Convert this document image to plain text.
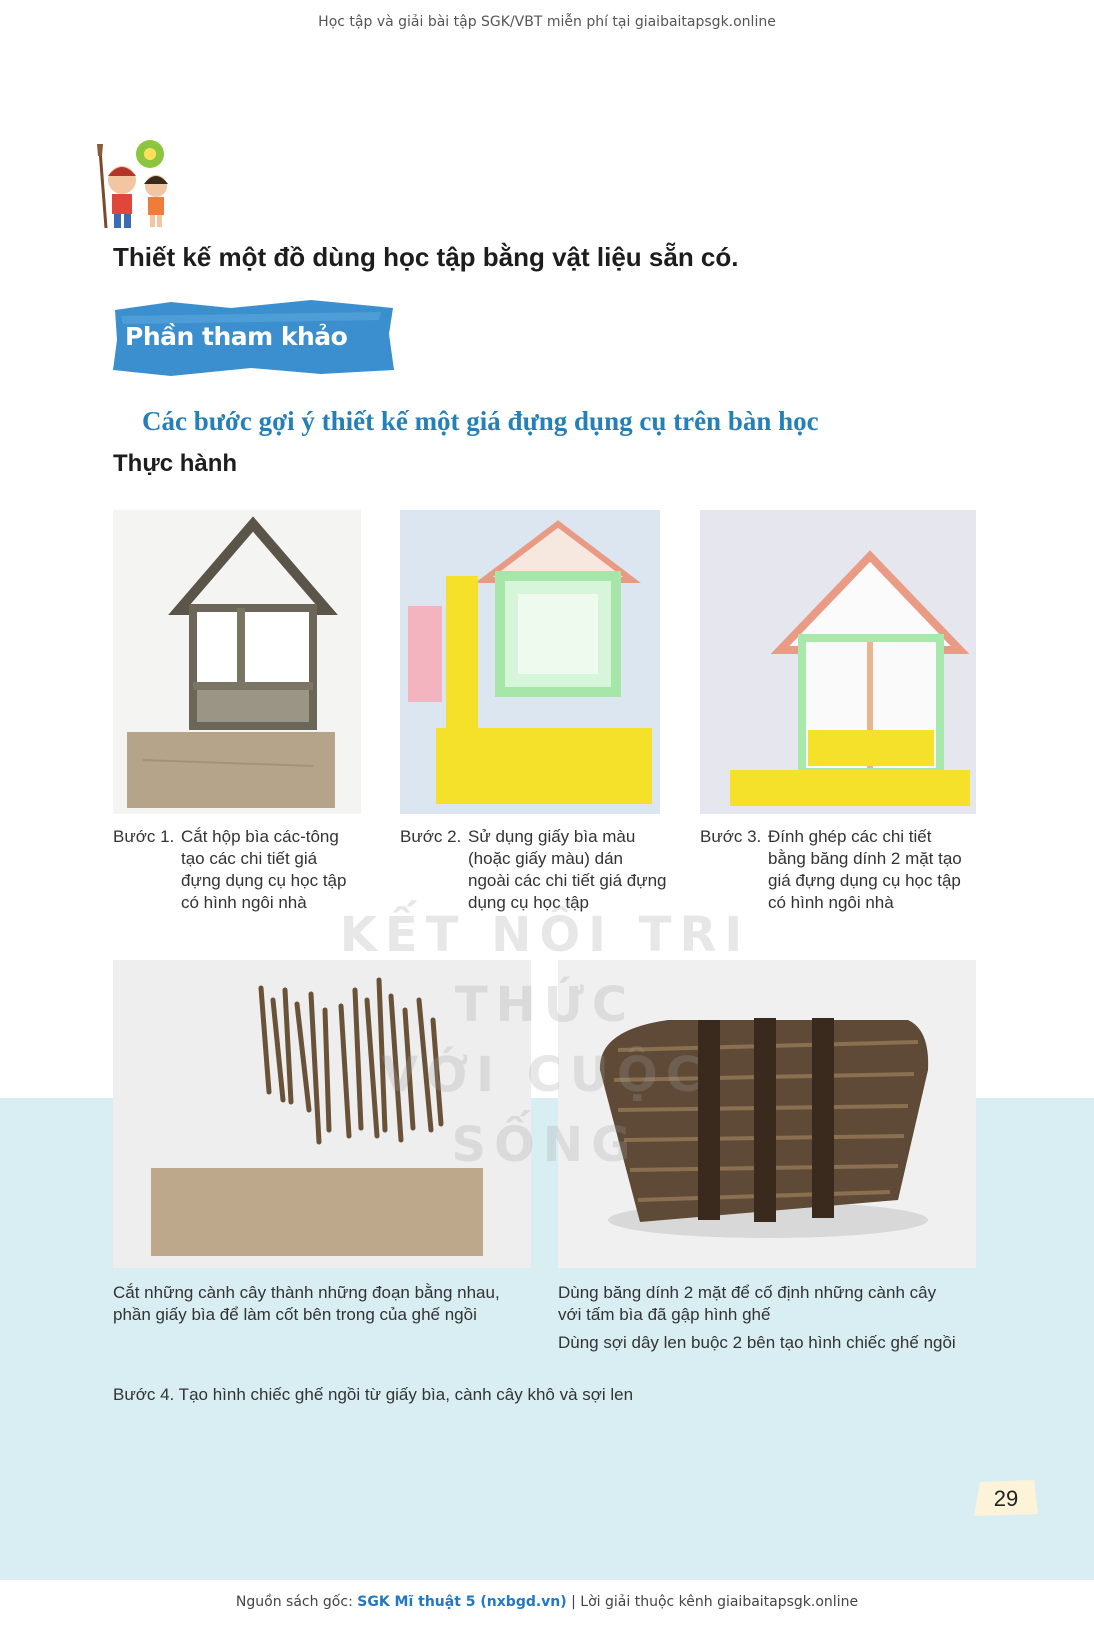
Học tập và giải bài tập SGK/VBT miễn phí tại giaibaitapsgk.online
Thiết kế một đồ dùng học tập bằng vật liệu sẵn có.
Phần tham khảo
Các bước gợi ý thiết kế một giá đựng dụng cụ trên bàn học
Thực hành
Bước 1. Cắt hộp bìa các-tông
tạo các chi tiết giá
đựng dụng cụ học tập
có hình ngôi nhà
Bước 2. Sử dụng giấy bìa màu
(hoặc giấy màu) dán
ngoài các chi tiết giá đựng
dụng cụ học tập
Bước 3. Đính ghép các chi tiết
bằng băng dính 2 mặt tạo
giá đựng dụng cụ học tập
có hình ngôi nhà
Cắt những cành cây thành những đoạn bằng nhau,
phần giấy bìa để làm cốt bên trong của ghế ngồi
Dùng băng dính 2 mặt để cố định những cành cây
với tấm bìa đã gập hình ghế
Dùng sợi dây len buộc 2 bên tạo hình chiếc ghế ngồi
Bước 4. Tạo hình chiếc ghế ngồi từ giấy bìa, cành cây khô và sợi len
KẾT NỐI TRI THỨC
VỚI CUỘC SỐNG
29
Nguồn sách gốc: SGK Mĩ thuật 5 (nxbgd.vn) | Lời giải thuộc kênh giaibaitapsgk.online
